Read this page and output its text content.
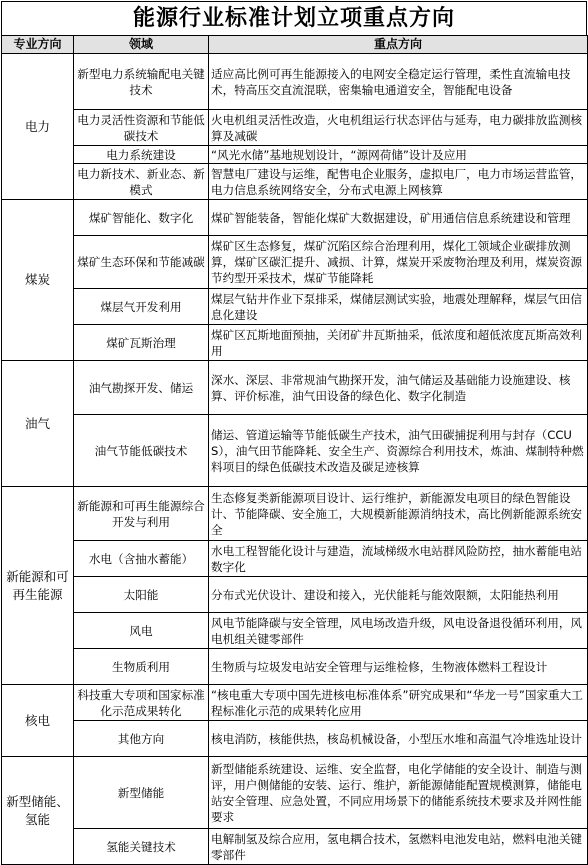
能源行业标准计划立项重点方向
专业方向	领域	重点方向
电力	新型电力系统输配电关键技术	适应高比例可再生能源接入的电网安全稳定运行管理，柔性直流输电技术，特高压交直流混联，密集输电通道安全，智能配电设备
	电力灵活性资源和节能低碳技术	火电机组灵活性改造，火电机组运行状态评估与延寿，电力碳排放监测核算及减碳
	电力系统建设	“风光水储”基地规划设计，“源网荷储”设计及应用
	电力新技术、新业态、新模式	智慧电厂建设与运维，配售电企业服务，虚拟电厂，电力市场运营监管，电力信息系统网络安全，分布式电源上网核算
煤炭	煤矿智能化、数字化	煤矿智能装备，智能化煤矿大数据建设，矿用通信信息系统建设和管理
	煤矿生态环保和节能减碳	煤矿区生态修复，煤矿沉陷区综合治理利用，煤化工领域企业碳排放测算，煤矿区碳汇提升、减损、计算，煤炭开采废物治理及利用，煤炭资源节约型开采技术，煤矿节能降耗
	煤层气开发利用	煤层气钻井作业下泵排采，煤储层测试实验，地震处理解释，煤层气田信息化建设
	煤矿瓦斯治理	煤矿区瓦斯地面预抽，关闭矿井瓦斯抽采，低浓度和超低浓度瓦斯高效利用
油气	油气勘探开发、储运	深水、深层、非常规油气勘探开发，油气储运及基础能力设施建设、核算、评价标准，油气田设备的绿色化、数字化制造
	油气节能低碳技术	储运、管道运输等节能低碳生产技术，油气田碳捕捉利用与封存（CCUS），油气田节能降耗、安全生产、资源综合利用技术，炼油、煤制特种燃料项目的绿色低碳技术改造及碳足迹核算
新能源和可再生能源	新能源和可再生能源综合开发与利用	生态修复类新能源项目设计、运行维护，新能源发电项目的绿色智能设计、节能降碳、安全施工，大规模新能源消纳技术，高比例新能源系统安全
	水电（含抽水蓄能）	水电工程智能化设计与建造，流域梯级水电站群风险防控，抽水蓄能电站数字化
	太阳能	分布式光伏设计、建设和接入，光伏能耗与能效限额，太阳能热利用
	风电	风电节能降碳与安全管理，风电场改造升级，风电设备退役循环利用，风电机组关键零部件
	生物质利用	生物质与垃圾发电站安全管理与运维检修，生物液体燃料工程设计
核电	科技重大专项和国家标准化示范成果转化	“核电重大专项中国先进核电标准体系”研究成果和“华龙一号”国家重大工程标准化示范的成果转化应用
	其他方向	核电消防，核能供热，核岛机械设备，小型压水堆和高温气冷堆选址设计
新型储能、氢能	新型储能	新型储能系统建设、运维、安全监督，电化学储能的安全设计、制造与测评，用户侧储能的安装、运行、维护，新能源储能配置规模测算，储能电站安全管理、应急处置，不同应用场景下的储能系统技术要求及并网性能要求
	氢能关键技术	电解制氢及综合应用，氢电耦合技术，氢燃料电池发电站，燃料电池关键零部件
